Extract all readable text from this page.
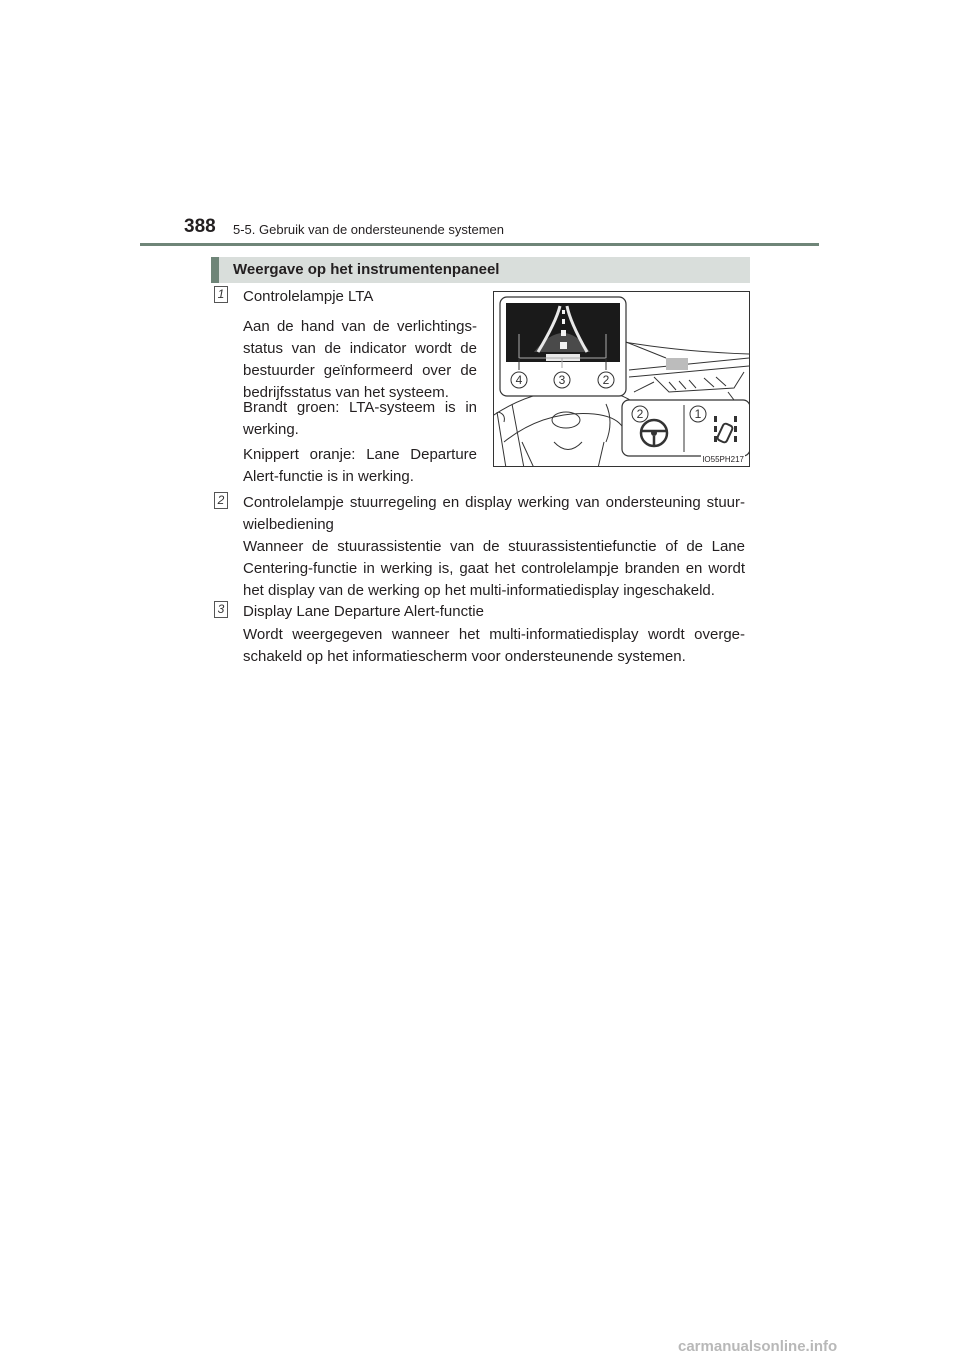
388 5-5. Gebruik van de ondersteunende systemen
Weergave op het instrumentenpaneel
1 Controlelampje LTA
Aan de hand van de verlichtings-status van de indicator wordt de bestuurder geïnformeerd over de bedrijfsstatus van het systeem.
Brandt groen: LTA-systeem is in werking.
Knippert oranje: Lane Departure Alert-functie is in werking.
4	3	2
2	1
IO55PH217
2 Controlelampje stuurregeling en display werking van ondersteuning stuur-wielbediening
Wanneer de stuurassistentie van de stuurassistentiefunctie of de Lane Centering-functie in werking is, gaat het controlelampje branden en wordt het display van de werking op het multi-informatiedisplay ingeschakeld.
3 Display Lane Departure Alert-functie
Wordt weergegeven wanneer het multi-informatiedisplay wordt overge-schakeld op het informatiescherm voor ondersteunende systemen.
carmanualsonline.info
